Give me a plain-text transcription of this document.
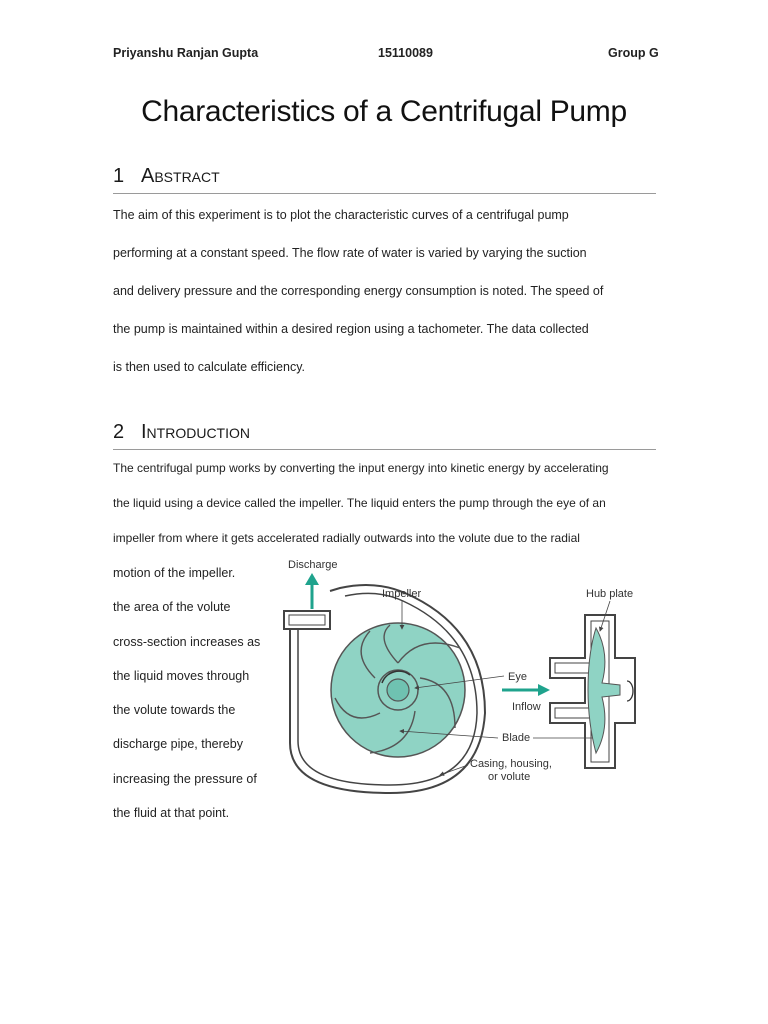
Priyanshu Ranjan Gupta	15110089	Group G
Characteristics of a Centrifugal Pump
1 Abstract
The aim of this experiment is to plot the characteristic curves of a centrifugal pump
performing at a constant speed. The flow rate of water is varied by varying the suction
and delivery pressure and the corresponding energy consumption is noted. The speed of
the pump is maintained within a desired region using a tachometer. The data collected
is then used to calculate efficiency.
2 Introduction
The centrifugal pump works by converting the input energy into kinetic energy by accelerating
the liquid using a device called the impeller. The liquid enters the pump through the eye of an
impeller from where it gets accelerated radially outwards into the volute due to the radial
motion of the impeller.
the area of the volute
cross-section increases as
the liquid moves through
the volute towards the
discharge pipe, thereby
increasing the pressure of
the fluid at that point.
Discharge
Impeller
Eye
Inflow
Blade
Casing, housing,
or volute
Hub plate
